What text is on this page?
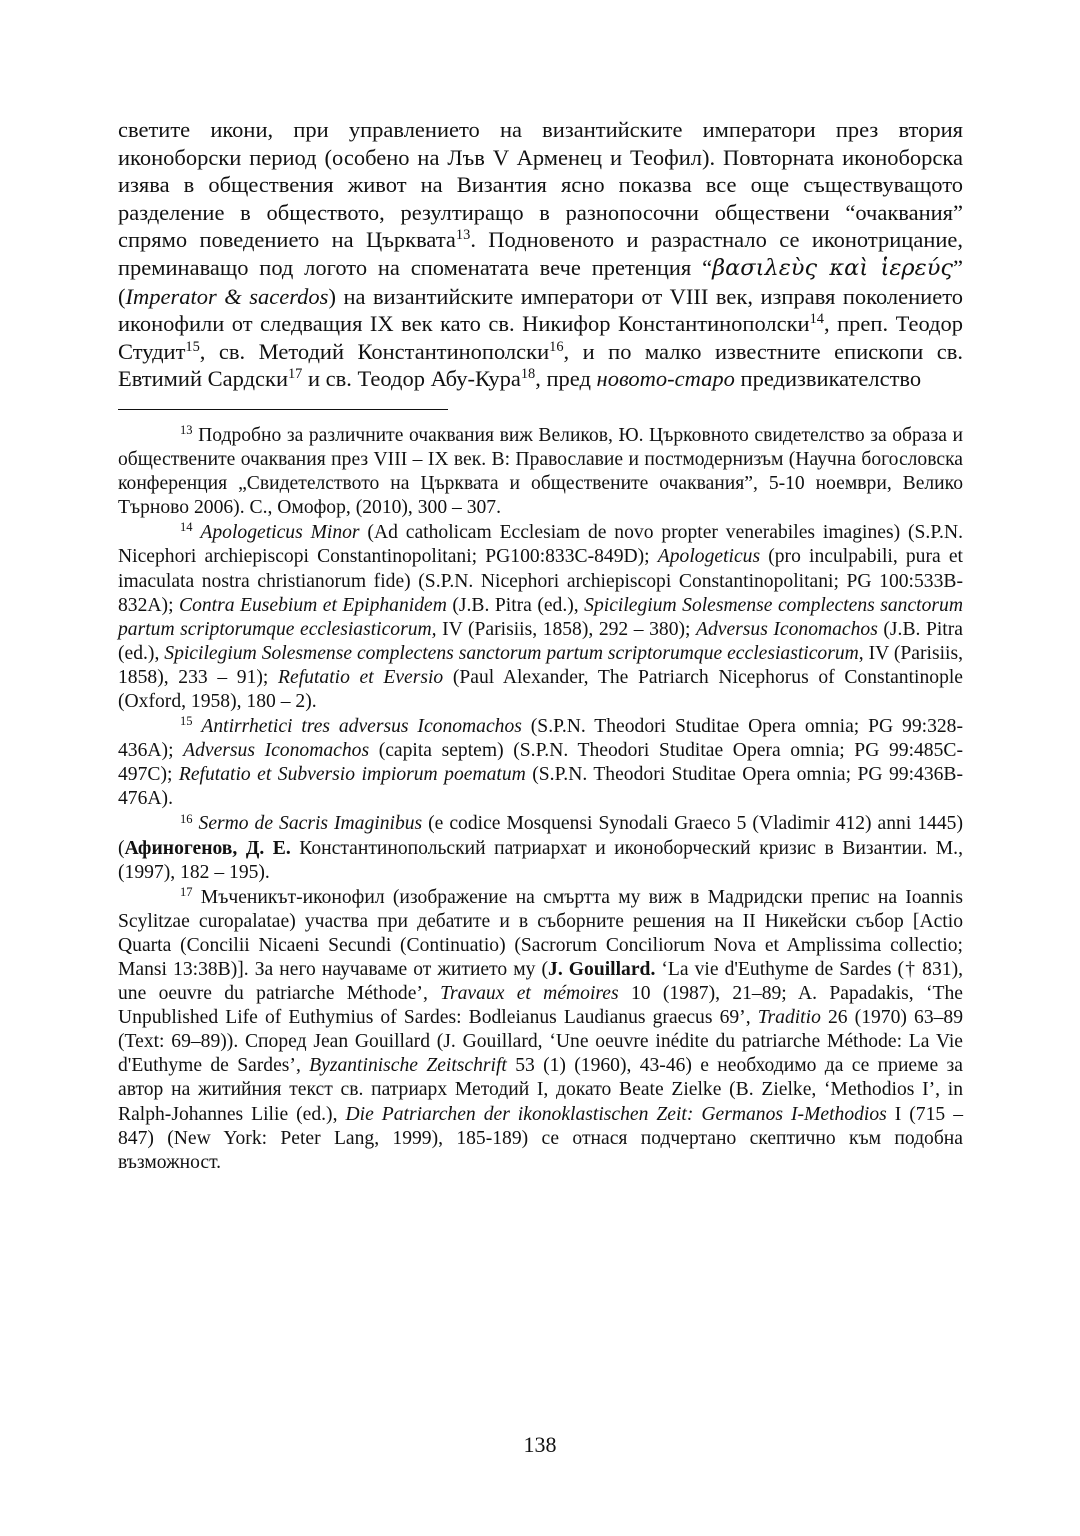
светите икони, при управлението на византийските императори през втория иконоборски период (особено на Лъв V Арменец и Теофил). Повторната иконоборска изява в обществения живот на Византия ясно показва все още съществуващото разделение в обществото, резултиращо в разнопосочни обществени “очаквания” спрямо поведението на Църквата$^{13}$. Подновеното и разрастнало се иконотрицание, преминаващо под логото на споменатата вече претенция “βασιλεὺς καὶ ἱερεύς” (Imperator & sacerdos) на византийските императори от VIII век, изправя поколението иконофили от следващия IX век като св. Никифор Константинополски$^{14}$, преп. Теодор Студит$^{15}$, св. Методий Константинополски$^{16}$, и по малко известните епископи св. Евтимий Сардски$^{17}$ и св. Теодор Абу-Кура$^{18}$, пред новото-старо предизвикателство

$^{13}$ Подробно за различните очаквания виж Великов, Ю. Църковното свидетелство за образа и обществените очаквания през VIII – IX век. В: Православие и постмодернизъм (Научна богословска конференция „Свидетелството на Църквата и обществените очаквания”, 5-10 ноември, Велико Търново 2006). С., Омофор, (2010), 300 – 307.

$^{14}$ Apologeticus Minor (Ad catholicam Ecclesiam de novo propter venerabiles imagines) (S.P.N. Nicephori archiepiscopi Constantinopolitani; PG100:833C-849D); Apologeticus (pro inculpabili, pura et imaculata nostra christianorum fide) (S.P.N. Nicephori archiepiscopi Constantinopolitani; PG 100:533B-832A); Contra Eusebium et Epiphanidem (J.B. Pitra (ed.), Spicilegium Solesmense complectens sanctorum partum scriptorumque ecclesiasticorum, IV (Parisiis, 1858), 292 – 380); Adversus Iconomachos (J.B. Pitra (ed.), Spicilegium Solesmense complectens sanctorum partum scriptorumque ecclesiasticorum, IV (Parisiis, 1858), 233 – 91); Refutatio et Eversio (Paul Alexander, The Patriarch Nicephorus of Constantinople (Oxford, 1958), 180 – 2).

$^{15}$ Antirrhetici tres adversus Iconomachos (S.P.N. Theodori Studitae Opera omnia; PG 99:328-436A); Adversus Iconomachos (capita septem) (S.P.N. Theodori Studitae Opera omnia; PG 99:485C-497C); Refutatio et Subversio impiorum poematum (S.P.N. Theodori Studitae Opera omnia; PG 99:436B-476A).

$^{16}$ Sermo de Sacris Imaginibus (e codice Mosquensi Synodali Graeco 5 (Vladimir 412) anni 1445) (Афиногенов, Д. Е. Константинопольский патриархат и иконоборческий кризис в Византии. М., (1997), 182 – 195).

$^{17}$ Мъченикът-иконофил (изображение на смъртта му виж в Мадридски препис на Ioannis Scylitzae curopalatae) участва при дебатите и в съборните решения на II Никейски събор [Actio Quarta (Concilii Nicaeni Secundi (Continuatio) (Sacrorum Conciliorum Nova et Amplissima collectio; Mansi 13:38B)]. За него научаваме от житието му (J. Gouillard. ‘La vie d'Euthyme de Sardes († 831), une oeuvre du patriarche Méthode’, Travaux et mémoires 10 (1987), 21–89; A. Papadakis, ‘The Unpublished Life of Euthymius of Sardes: Bodleianus Laudianus graecus 69’, Traditio 26 (1970) 63–89 (Text: 69–89)). Според Jean Gouillard (J. Gouillard, ‘Une oeuvre inédite du patriarche Méthode: La Vie d'Euthyme de Sardes’, Byzantinische Zeitschrift 53 (1) (1960), 43-46) е необходимо да се приеме за автор на житийния текст св. патриарх Методий I, докато Beate Zielke (B. Zielke, ‘Methodios I’, in Ralph-Johannes Lilie (ed.), Die Patriarchen der ikonoklastischen Zeit: Germanos I-Methodios I (715 – 847) (New York: Peter Lang, 1999), 185-189) се отнася подчертано скептично към подобна възможност.

138
